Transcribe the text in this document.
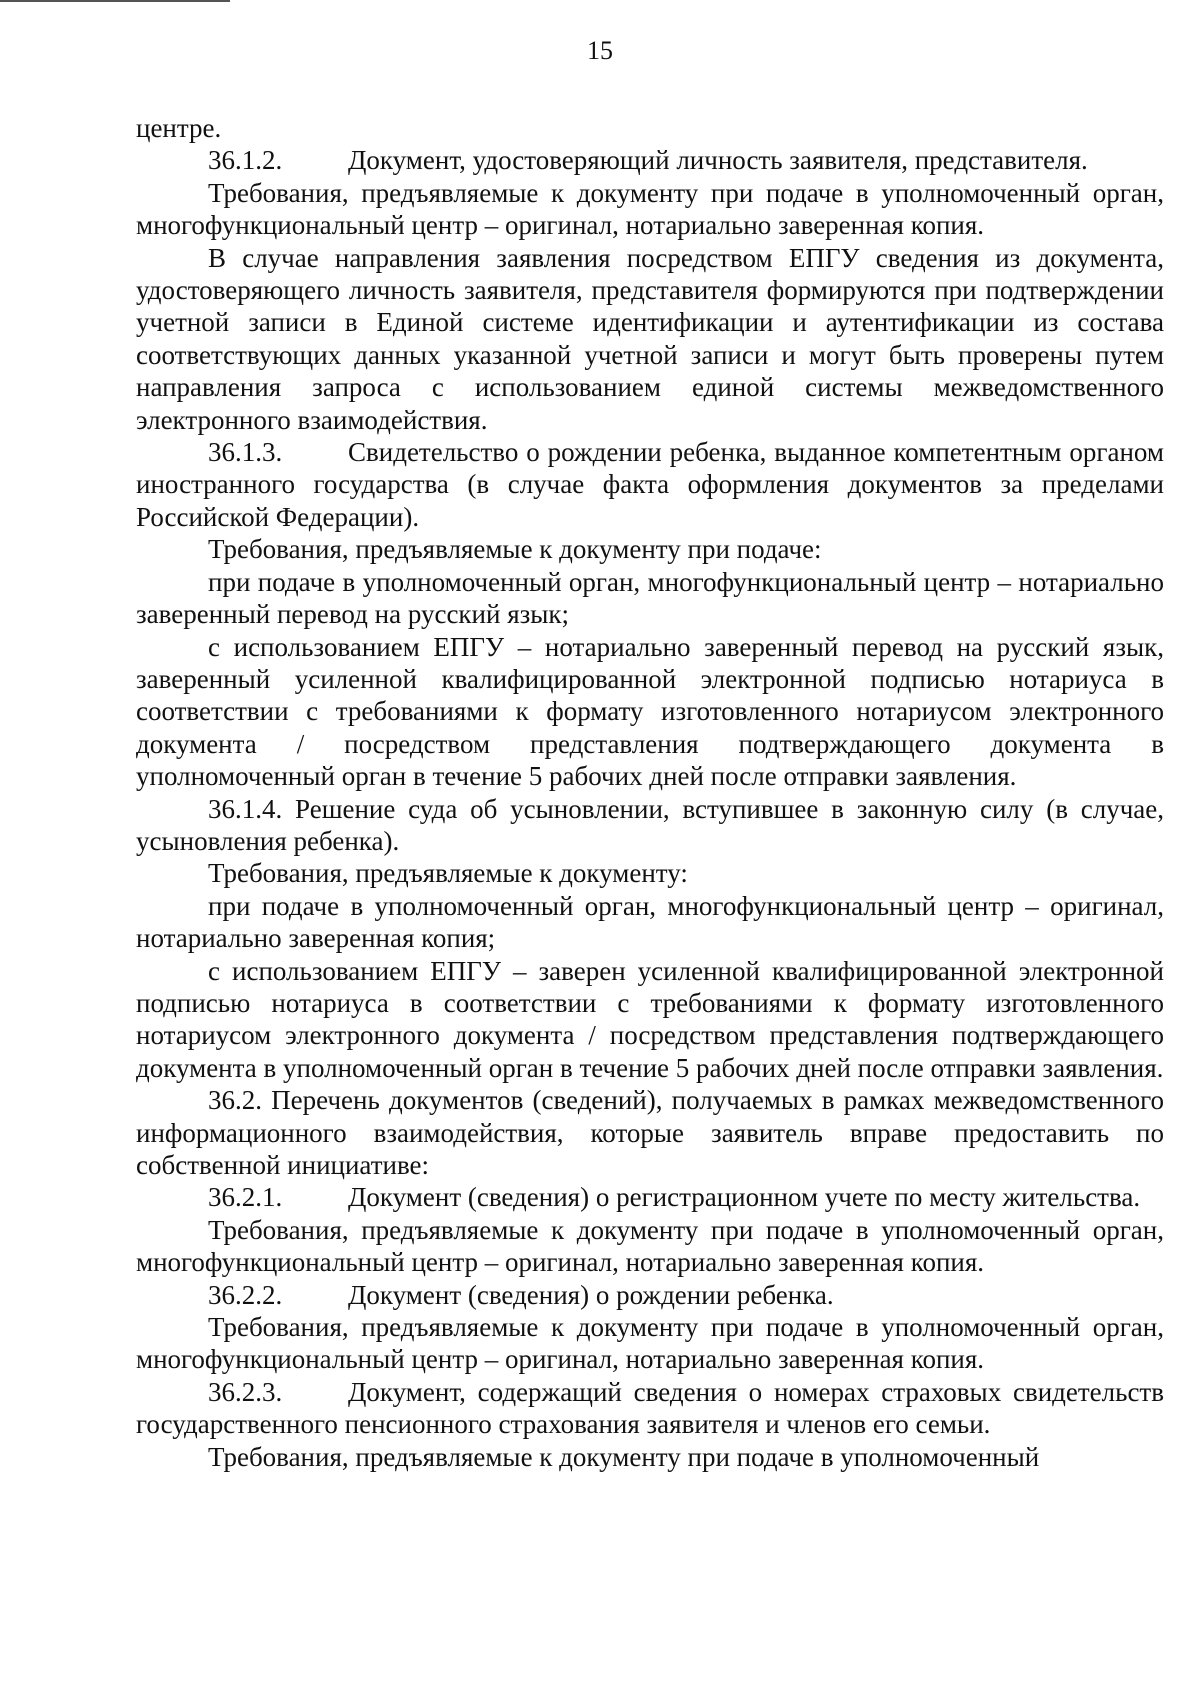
15

центре.

36.1.2. Документ, удостоверяющий личность заявителя, представителя.

Требования, предъявляемые к документу при подаче в уполномоченный орган, многофункциональный центр – оригинал, нотариально заверенная копия.

В случае направления заявления посредством ЕПГУ сведения из документа, удостоверяющего личность заявителя, представителя формируются при подтверждении учетной записи в Единой системе идентификации и аутентификации из состава соответствующих данных указанной учетной записи и могут быть проверены путем направления запроса с использованием единой системы межведомственного электронного взаимодействия.

36.1.3. Свидетельство о рождении ребенка, выданное компетентным органом иностранного государства (в случае факта оформления документов за пределами Российской Федерации).

Требования, предъявляемые к документу при подаче:

при подаче в уполномоченный орган, многофункциональный центр – нотариально заверенный перевод на русский язык;

с использованием ЕПГУ – нотариально заверенный перевод на русский язык, заверенный усиленной квалифицированной электронной подписью нотариуса в соответствии с требованиями к формату изготовленного нотариусом электронного документа / посредством представления подтверждающего документа в уполномоченный орган в течение 5 рабочих дней после отправки заявления.

36.1.4. Решение суда об усыновлении, вступившее в законную силу (в случае, усыновления ребенка).

Требования, предъявляемые к документу:

при подаче в уполномоченный орган, многофункциональный центр – оригинал, нотариально заверенная копия;

с использованием ЕПГУ – заверен усиленной квалифицированной электронной подписью нотариуса в соответствии с требованиями к формату изготовленного нотариусом электронного документа / посредством представления подтверждающего документа в уполномоченный орган в течение 5 рабочих дней после отправки заявления.

36.2. Перечень документов (сведений), получаемых в рамках межведомственного информационного взаимодействия, которые заявитель вправе предоставить по собственной инициативе:

36.2.1. Документ (сведения) о регистрационном учете по месту жительства.

Требования, предъявляемые к документу при подаче в уполномоченный орган, многофункциональный центр – оригинал, нотариально заверенная копия.

36.2.2. Документ (сведения) о рождении ребенка.

Требования, предъявляемые к документу при подаче в уполномоченный орган, многофункциональный центр – оригинал, нотариально заверенная копия.

36.2.3. Документ, содержащий сведения о номерах страховых свидетельств государственного пенсионного страхования заявителя и членов его семьи.

Требования, предъявляемые к документу при подаче в уполномоченный
